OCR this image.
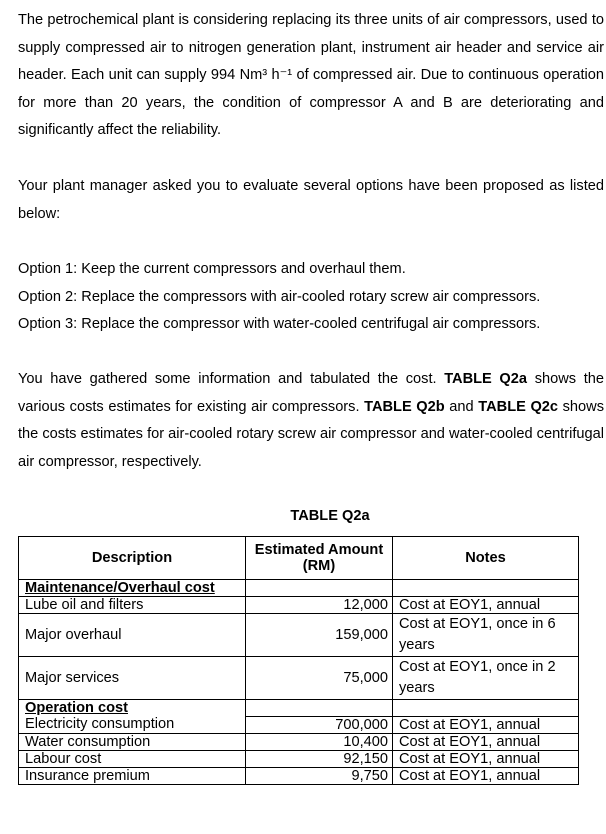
The petrochemical plant is considering replacing its three units of air compressors, used to supply compressed air to nitrogen generation plant, instrument air header and service air header. Each unit can supply 994 Nm³ h⁻¹ of compressed air. Due to continuous operation for more than 20 years, the condition of compressor A and B are deteriorating and significantly affect the reliability.

Your plant manager asked you to evaluate several options have been proposed as listed below:

Option 1: Keep the current compressors and overhaul them.

Option 2: Replace the compressors with air-cooled rotary screw air compressors.

Option 3: Replace the compressor with water-cooled centrifugal air compressors.

You have gathered some information and tabulated the cost. TABLE Q2a shows the various costs estimates for existing air compressors. TABLE Q2b and TABLE Q2c shows the costs estimates for air-cooled rotary screw air compressor and water-cooled centrifugal air compressor, respectively.

TABLE Q2a
Description	Estimated Amount (RM)	Notes
Maintenance/Overhaul cost		
Lube oil and filters	12,000	Cost at EOY1, annual
Major overhaul	159,000	Cost at EOY1, once in 6 years
Major services	75,000	Cost at EOY1, once in 2 years
Operation cost		
Electricity consumption	700,000	Cost at EOY1, annual
Water consumption	10,400	Cost at EOY1, annual
Labour cost	92,150	Cost at EOY1, annual
Insurance premium	9,750	Cost at EOY1, annual
